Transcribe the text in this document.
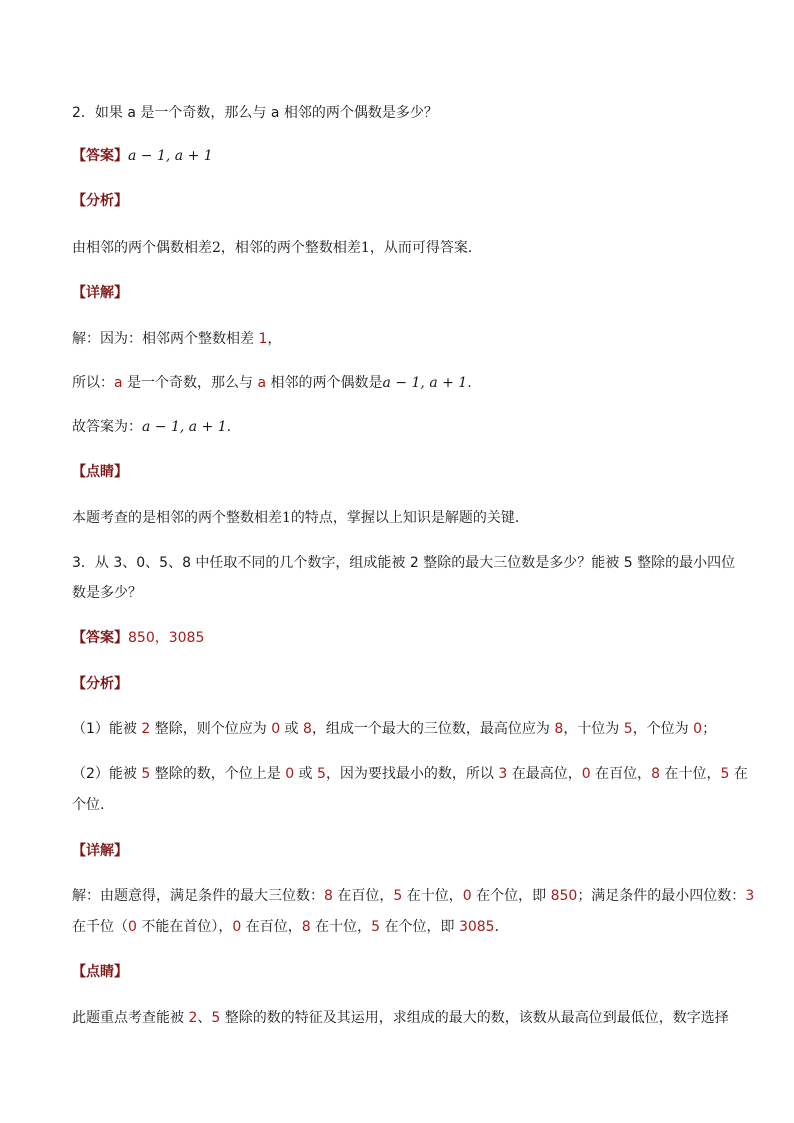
2．如果 a 是一个奇数，那么与 a 相邻的两个偶数是多少？
【答案】a − 1, a + 1
【分析】
由相邻的两个偶数相差2，相邻的两个整数相差1，从而可得答案．
【详解】
解：因为：相邻两个整数相差 1，
所以：a 是一个奇数，那么与 a 相邻的两个偶数是a − 1, a + 1.
故答案为：a − 1, a + 1.
【点睛】
本题考查的是相邻的两个整数相差1的特点，掌握以上知识是解题的关键．
3．从 3、0、5、8 中任取不同的几个数字，组成能被 2 整除的最大三位数是多少？能被 5 整除的最小四位
数是多少？
【答案】850，3085
【分析】
（1）能被 2 整除，则个位应为 0 或 8，组成一个最大的三位数，最高位应为 8，十位为 5，个位为 0；
（2）能被 5 整除的数，个位上是 0 或 5，因为要找最小的数，所以 3 在最高位，0 在百位，8 在十位，5 在
个位．
【详解】
解：由题意得，满足条件的最大三位数：8 在百位，5 在十位，0 在个位，即 850；满足条件的最小四位数：3
在千位（0 不能在首位），0 在百位，8 在十位，5 在个位，即 3085．
【点睛】
此题重点考查能被 2、5 整除的数的特征及其运用，求组成的最大的数，该数从最高位到最低位，数字选择
